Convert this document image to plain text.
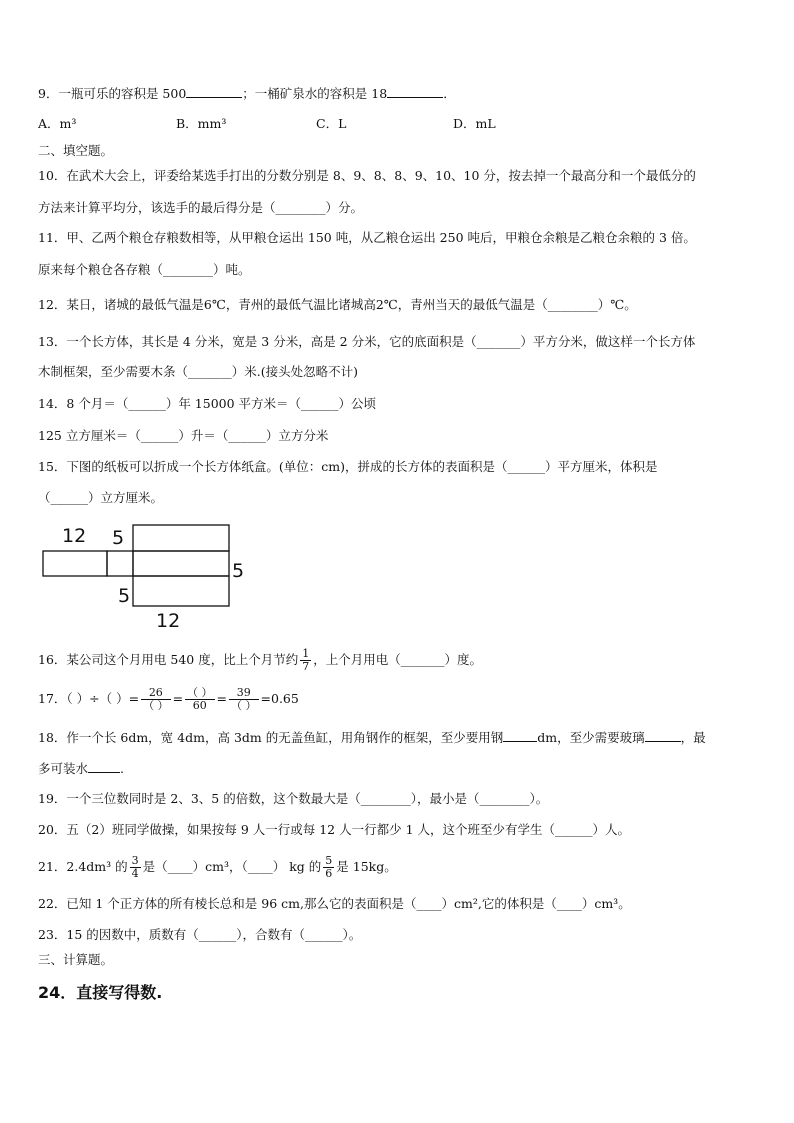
9．一瓶可乐的容积是 500	；一桶矿泉水的容积是 18	．
A．m³	B．mm³	C．L	D．mL
二、填空题。
10．在武术大会上，评委给某选手打出的分数分别是 8、9、8、8、9、10、10 分，按去掉一个最高分和一个最低分的
方法来计算平均分，该选手的最后得分是（________）分。
11．甲、乙两个粮仓存粮数相等，从甲粮仓运出 150 吨，从乙粮仓运出 250 吨后，甲粮仓余粮是乙粮仓余粮的 3 倍。
原来每个粮仓各存粮（________）吨。
12．某日，诸城的最低气温是6℃，青州的最低气温比诸城高2℃，青州当天的最低气温是（________）℃。
13．一个长方体，其长是 4 分米，宽是 3 分米，高是 2 分米，它的底面积是（_______）平方分米，做这样一个长方体
木制框架，至少需要木条（_______）米.(接头处忽略不计)
14．8 个月＝（______）年 15000 平方米＝（______）公顷
125 立方厘米＝（______）升＝（______）立方分米
15．下图的纸板可以折成一个长方体纸盒。(单位：cm)，拼成的长方体的表面积是（______）平方厘米，体积是
（______）立方厘米。
12 5
5
5
12
16．某公司这个月用电 540 度，比上个月节约 $\frac{1}{7}$ ，上个月用电（_______）度。
17．（ ）÷（ ）= $\frac{26}{( )} = \frac{( )}{60} = \frac{39}{( )} =0.65$
18．作一个长 6dm，宽 4dm，高 3dm 的无盖鱼缸，用角钢作的框架，至少要用钢	dm，至少需要玻璃	，最
多可装水	.
19．一个三位数同时是 2、3、5 的倍数，这个数最大是（________），最小是（________）。
20．五（2）班同学做操，如果按每 9 人一行或每 12 人一行都少 1 人，这个班至少有学生（______）人。
21．2.4dm³ 的 $\frac{3}{4}$ 是（____）cm³，（____） kg 的 $\frac{5}{6}$ 是 15kg。
22．已知 1 个正方体的所有棱长总和是 96 cm,那么它的表面积是（____）cm²,它的体积是（____）cm³。
23．15 的因数中，质数有（______），合数有（______）。
三、计算题。
24．直接写得数.
